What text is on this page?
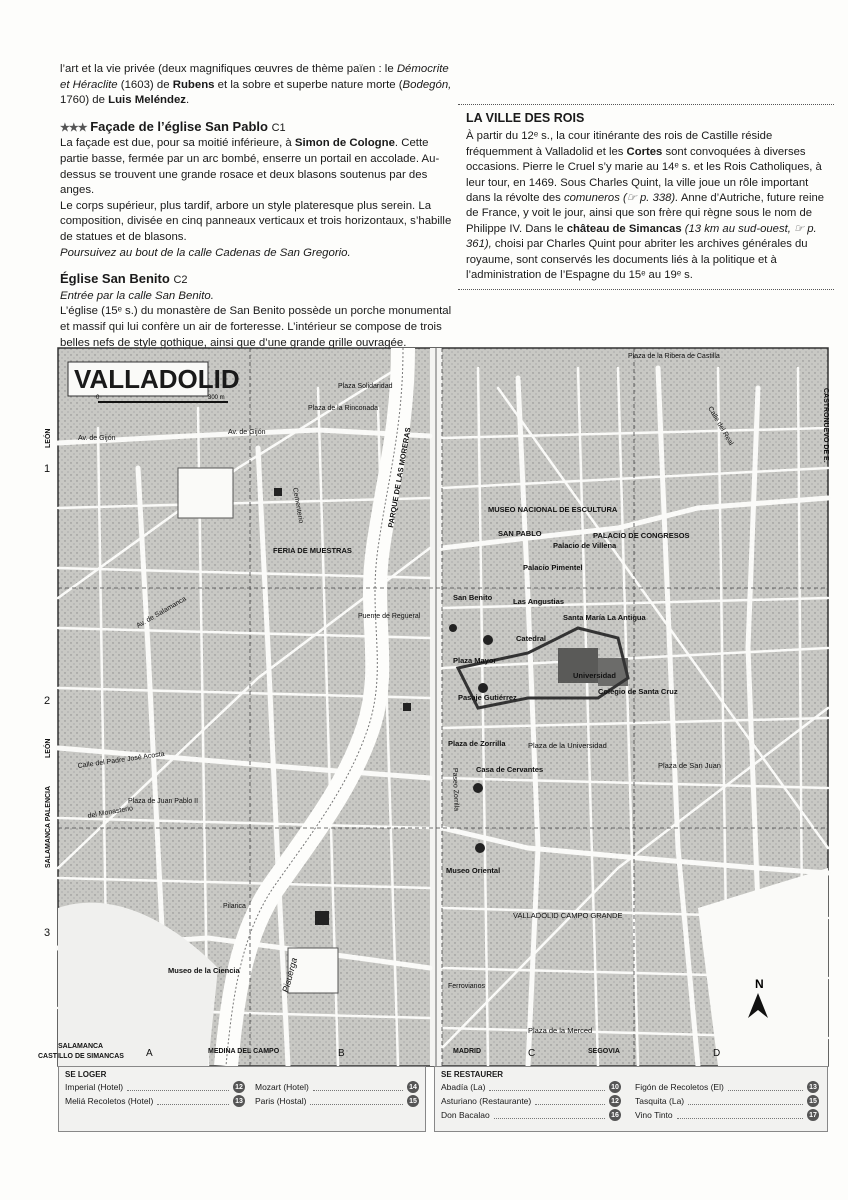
l’art et la vie privée (deux magnifiques œuvres de thème païen : le Démocrite et Héraclite (1603) de Rubens et la sobre et superbe nature morte (Bodegón, 1760) de Luis Meléndez.

★★★ Façade de l’église San Pablo C1

La façade est due, pour sa moitié inférieure, à Simon de Cologne. Cette partie basse, fermée par un arc bombé, enserre un portail en accolade. Au-dessus se trouvent une grande rosace et deux blasons soutenus par des anges.

Le corps supérieur, plus tardif, arbore un style plateresque plus serein. La composition, divisée en cinq panneaux verticaux et trois horizontaux, s’habille de statues et de blasons.

Poursuivez au bout de la calle Cadenas de San Gregorio.

Église San Benito C2

Entrée par la calle San Benito.

L’église (15ᵉ s.) du monastère de San Benito possède un porche monumental et massif qui lui confère un air de forteresse. L’intérieur se compose de trois belles nefs de style gothique, ainsi que d’une grande grille ouvragée.

LA VILLE DES ROIS
À partir du 12ᵉ s., la cour itinérante des rois de Castille réside fréquemment à Valladolid et les Cortes sont convoquées à diverses occasions. Pierre le Cruel s’y marie au 14ᵉ s. et les Rois Catholiques, à leur tour, en 1469. Sous Charles Quint, la ville joue un rôle important dans la révolte des comuneros (☞ p. 338). Anne d’Autriche, future reine de France, y voit le jour, ainsi que son frère qui règne sous le nom de Philippe IV. Dans le château de Simancas (13 km au sud-ouest, ☞ p. 361), choisi par Charles Quint pour abriter les archives générales du royaume, sont conservés les documents liés à la politique et à l’administration de l’Espagne du 15ᵉ au 19ᵉ s.
VALLADOLID
0	300 m
1
2
3
LEÓN
LEÓN
SALAMANCA PALENCIA
CASTRONUEVO DE E.
Av. de Gijón
Av. de Gijón
Plaza Solidaridad
Plaza de la Rinconada
Cementerio
Av. de Salamanca	Puente de Regueral
Paseo Zorrilla
Calle del Padre José Acosta
Plaza de Juan Pablo II
del Monasterio
Pilarica
Ferrovianos
Plaza de la Ribera de Castilla
Calle del Real
FERIA DE MUESTRAS
PARQUE DE LAS MORERAS	MUSEO NACIONAL DE ESCULTURA
SAN PABLO
Palacio de Villena
Palacio Pimentel
PALACIO DE CONGRESOS
San Benito	Las Angustias
Santa María La Antigua
Catedral
Plaza Mayor
Universidad
Colegio de Santa Cruz
Pasaje Gutiérrez
Plaza de Zorrilla
Casa de Cervantes
Museo Oriental
VALLADOLID CAMPO GRANDE
Museo de la Ciencia
Plaza de la Merced
Plaza de la Universidad
Plaza de San Juan
N
SALAMANCA
CASTILLO DE SIMANCAS
MEDINA DEL CAMPO	MADRID	SEGOVIA
A	B	C	D
Pisuerga
SE LOGER
Imperial (Hotel)	12
Meliá Recoletos (Hotel)	13
Mozart (Hotel)	14
Paris (Hostal)	15
SE RESTAURER
Abadía (La)	10
Asturiano (Restaurante)	12
Don Bacalao	16
Figón de Recoletos (El)	13
Tasquita (La)	15
Vino Tinto	17
